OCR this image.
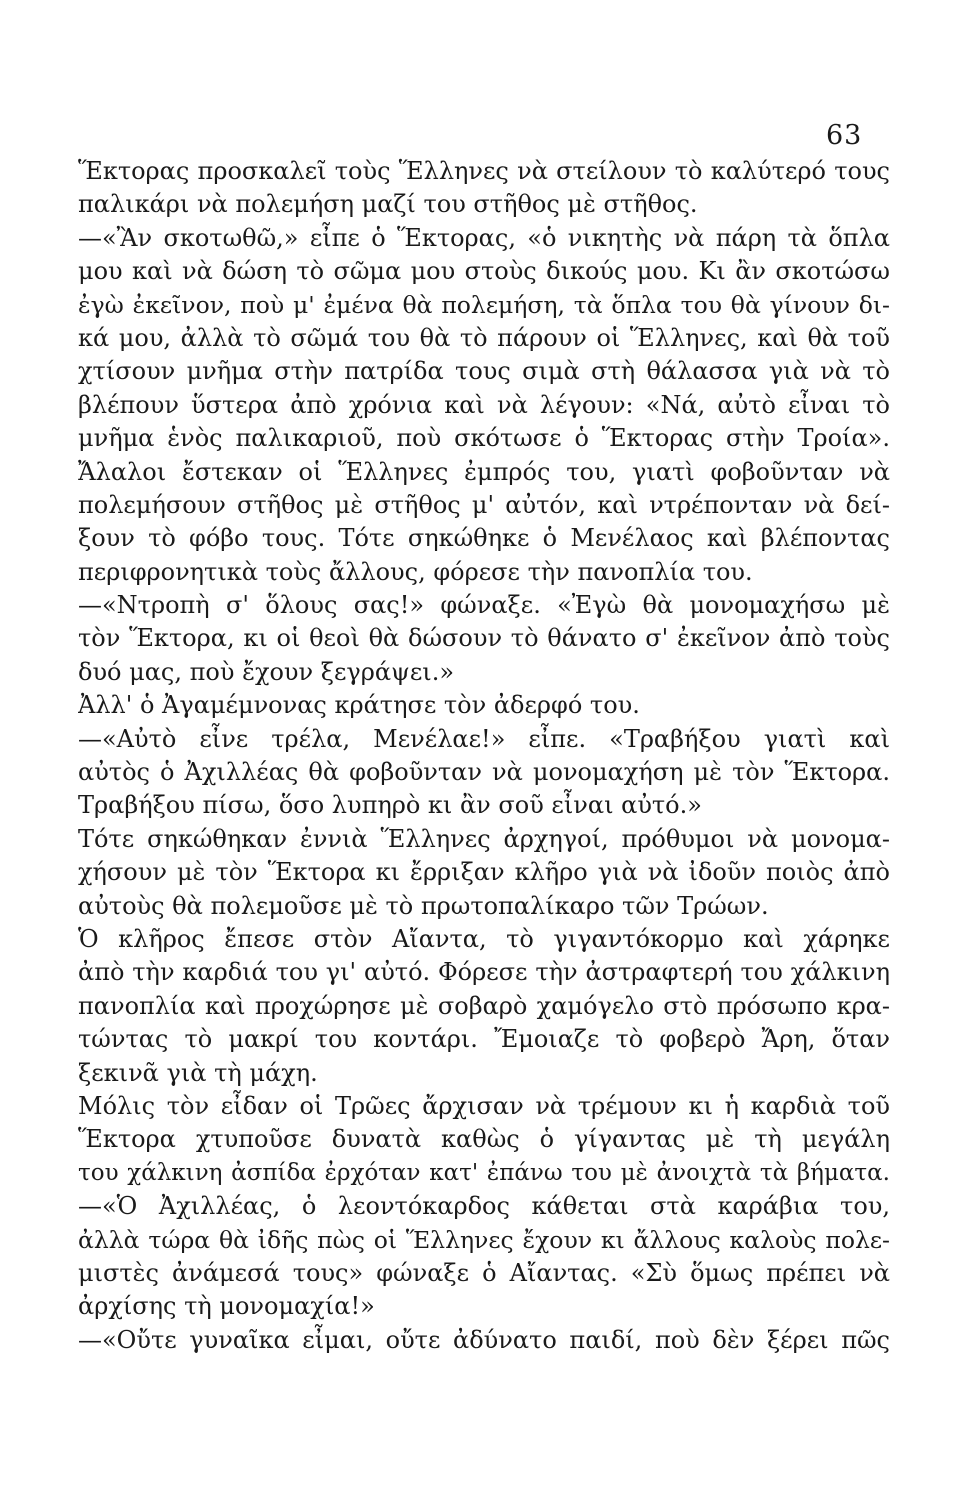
63
Ἕκτορας προσκαλεῖ τοὺς Ἕλληνες νὰ στείλουν τὸ καλύτερό τους
παλικάρι νὰ πολεμήση μαζί του στῆθος μὲ στῆθος.
—«Ἂν σκοτωθῶ,» εἶπε ὁ Ἕκτορας, «ὁ νικητὴς νὰ πάρη τὰ ὅπλα
μου καὶ νὰ δώση τὸ σῶμα μου στοὺς δικούς μου. Κι ἂν σκοτώσω
ἐγὼ ἐκεῖνον, ποὺ μ' ἐμένα θὰ πολεμήση, τὰ ὅπλα του θὰ γίνουν δι-
κά μου, ἀλλὰ τὸ σῶμά του θὰ τὸ πάρουν οἱ Ἕλληνες, καὶ θὰ τοῦ
χτίσουν μνῆμα στὴν πατρίδα τους σιμὰ στὴ θάλασσα γιὰ νὰ τὸ
βλέπουν ὕστερα ἀπὸ χρόνια καὶ νὰ λέγουν: «Νά, αὐτὸ εἶναι τὸ
μνῆμα ἑνὸς παλικαριοῦ, ποὺ σκότωσε ὁ Ἕκτορας στὴν Τροία».
Ἄλαλοι ἔστεκαν οἱ Ἕλληνες ἐμπρός του, γιατὶ φοβοῦνταν νὰ
πολεμήσουν στῆθος μὲ στῆθος μ' αὐτόν, καὶ ντρέπονταν νὰ δεί-
ξουν τὸ φόβο τους. Τότε σηκώθηκε ὁ Μενέλαος καὶ βλέποντας
περιφρονητικὰ τοὺς ἄλλους, φόρεσε τὴν πανοπλία του.
—«Ντροπὴ σ' ὅλους σας!» φώναξε. «Ἐγὼ θὰ μονομαχήσω μὲ
τὸν Ἕκτορα, κι οἱ θεοὶ θὰ δώσουν τὸ θάνατο σ' ἐκεῖνον ἀπὸ τοὺς
δυό μας, ποὺ ἔχουν ξεγράψει.»
Ἀλλ' ὁ Ἀγαμέμνονας κράτησε τὸν ἀδερφό του.
—«Αὐτὸ εἶνε τρέλα, Μενέλαε!» εἶπε. «Τραβήξου γιατὶ καὶ
αὐτὸς ὁ Ἀχιλλέας θὰ φοβοῦνταν νὰ μονομαχήση μὲ τὸν Ἕκτορα.
Τραβήξου πίσω, ὅσο λυπηρὸ κι ἂν σοῦ εἶναι αὐτό.»
Τότε σηκώθηκαν ἐννιὰ Ἕλληνες ἀρχηγοί, πρόθυμοι νὰ μονομα-
χήσουν μὲ τὸν Ἕκτορα κι ἔρριξαν κλῆρο γιὰ νὰ ἰδοῦν ποιὸς ἀπὸ
αὐτοὺς θὰ πολεμοῦσε μὲ τὸ πρωτοπαλίκαρο τῶν Τρώων.
Ὁ κλῆρος ἔπεσε στὸν Αἴαντα, τὸ γιγαντόκορμο καὶ χάρηκε
ἀπὸ τὴν καρδιά του γι' αὐτό. Φόρεσε τὴν ἀστραφτερή του χάλκινη
πανοπλία καὶ προχώρησε μὲ σοβαρὸ χαμόγελο στὸ πρόσωπο κρα-
τώντας τὸ μακρί του κοντάρι. Ἔμοιαζε τὸ φοβερὸ Ἄρη, ὅταν
ξεκινᾶ γιὰ τὴ μάχη.
Μόλις τὸν εἶδαν οἱ Τρῶες ἄρχισαν νὰ τρέμουν κι ἡ καρδιὰ τοῦ
Ἕκτορα χτυποῦσε δυνατὰ καθὼς ὁ γίγαντας μὲ τὴ μεγάλη
του χάλκινη ἀσπίδα ἐρχόταν κατ' ἐπάνω του μὲ ἀνοιχτὰ τὰ βήματα.
—«Ὁ Ἀχιλλέας, ὁ λεοντόκαρδος κάθεται στὰ καράβια του,
ἀλλὰ τώρα θὰ ἰδῆς πὼς οἱ Ἕλληνες ἔχουν κι ἄλλους καλοὺς πολε-
μιστὲς ἀνάμεσά τους» φώναξε ὁ Αἴαντας. «Σὺ ὅμως πρέπει νὰ
ἀρχίσης τὴ μονομαχία!»
—«Οὔτε γυναῖκα εἶμαι, οὔτε ἀδύνατο παιδί, ποὺ δὲν ξέρει πῶς
